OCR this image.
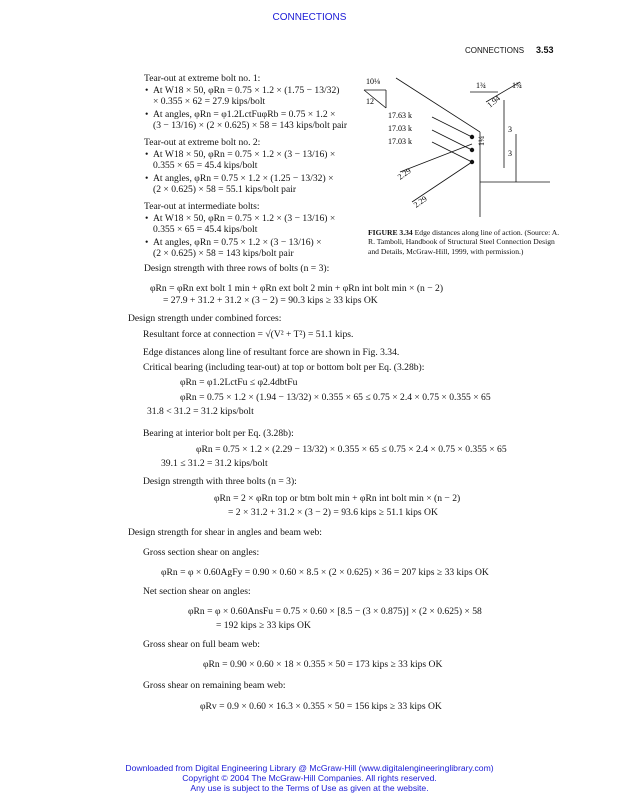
CONNECTIONS
CONNECTIONS 3.53
Tear-out at extreme bolt no. 1:
• At W18 × 50, φRn = 0.75 × 1.2 × (1.75 − 13/32)
× 0.355 × 62 = 27.9 kips/bolt
• At angles, φRn = φ1.2LctFuφRb = 0.75 × 1.2 ×
(3 − 13/16) × (2 × 0.625) × 58 = 143 kips/bolt pair
Tear-out at extreme bolt no. 2:
• At W18 × 50, φRn = 0.75 × 1.2 × (3 − 13/16) ×
0.355 × 65 = 45.4 kips/bolt
• At angles, φRn = 0.75 × 1.2 × (1.25 − 13/32) ×
(2 × 0.625) × 58 = 55.1 kips/bolt pair
Tear-out at intermediate bolts:
• At W18 × 50, φRn = 0.75 × 1.2 × (3 − 13/16) ×
0.355 × 65 = 45.4 kips/bolt
• At angles, φRn = 0.75 × 1.2 × (3 − 13/16) ×
(2 × 0.625) × 58 = 143 kips/bolt pair
Design strength with three rows of bolts (n = 3):
10⅛
12
1¾	1¾
1.94
17.63 k
17.03 k
17.03 k
3
3
1¼
2.29
2.29
FIGURE 3.34 Edge distances along line of action. (Source: A. R. Tamboli, Handbook of Structural Steel Connection Design and Details, McGraw-Hill, 1999, with permission.)
φRn = φRn ext bolt 1 min + φRn ext bolt 2 min + φRn int bolt min × (n − 2)
= 27.9 + 31.2 + 31.2 × (3 − 2) = 90.3 kips ≥ 33 kips OK
Design strength under combined forces:
Resultant force at connection = √(V² + T²) = 51.1 kips.
Edge distances along line of resultant force are shown in Fig. 3.34.
Critical bearing (including tear-out) at top or bottom bolt per Eq. (3.28b):
φRn = φ1.2LctFu ≤ φ2.4dbtFu
φRn = 0.75 × 1.2 × (1.94 − 13/32) × 0.355 × 65 ≤ 0.75 × 2.4 × 0.75 × 0.355 × 65
31.8 < 31.2 = 31.2 kips/bolt
Bearing at interior bolt per Eq. (3.28b):
φRn = 0.75 × 1.2 × (2.29 − 13/32) × 0.355 × 65 ≤ 0.75 × 2.4 × 0.75 × 0.355 × 65
39.1 ≤ 31.2 = 31.2 kips/bolt
Design strength with three bolts (n = 3):
φRn = 2 × φRn top or btm bolt min + φRn int bolt min × (n − 2)
= 2 × 31.2 + 31.2 × (3 − 2) = 93.6 kips ≥ 51.1 kips OK
Design strength for shear in angles and beam web:
Gross section shear on angles:
φRn = φ × 0.60AgFy = 0.90 × 0.60 × 8.5 × (2 × 0.625) × 36 = 207 kips ≥ 33 kips OK
Net section shear on angles:
φRn = φ × 0.60AnsFu = 0.75 × 0.60 × [8.5 − (3 × 0.875)] × (2 × 0.625) × 58
= 192 kips ≥ 33 kips OK
Gross shear on full beam web:
φRn = 0.90 × 0.60 × 18 × 0.355 × 50 = 173 kips ≥ 33 kips OK
Gross shear on remaining beam web:
φRv = 0.9 × 0.60 × 16.3 × 0.355 × 50 = 156 kips ≥ 33 kips OK
Downloaded from Digital Engineering Library @ McGraw-Hill (www.digitalengineeringlibrary.com)
Copyright © 2004 The McGraw-Hill Companies. All rights reserved.
Any use is subject to the Terms of Use as given at the website.
